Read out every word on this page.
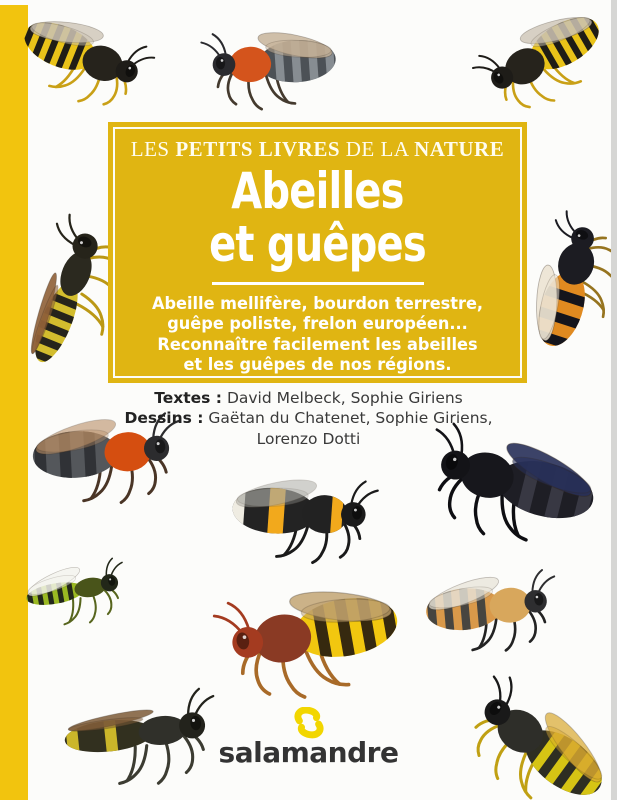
LES PETITS LIVRES DE LA NATURE
Abeilles
et guêpes

Abeille mellifère, bourdon terrestre,
guêpe poliste, frelon européen...
Reconnaître facilement les abeilles
et les guêpes de nos régions.

Textes : David Melbeck, Sophie Giriens
Dessins : Gaëtan du Chatenet, Sophie Giriens,
Lorenzo Dotti
salamandre
